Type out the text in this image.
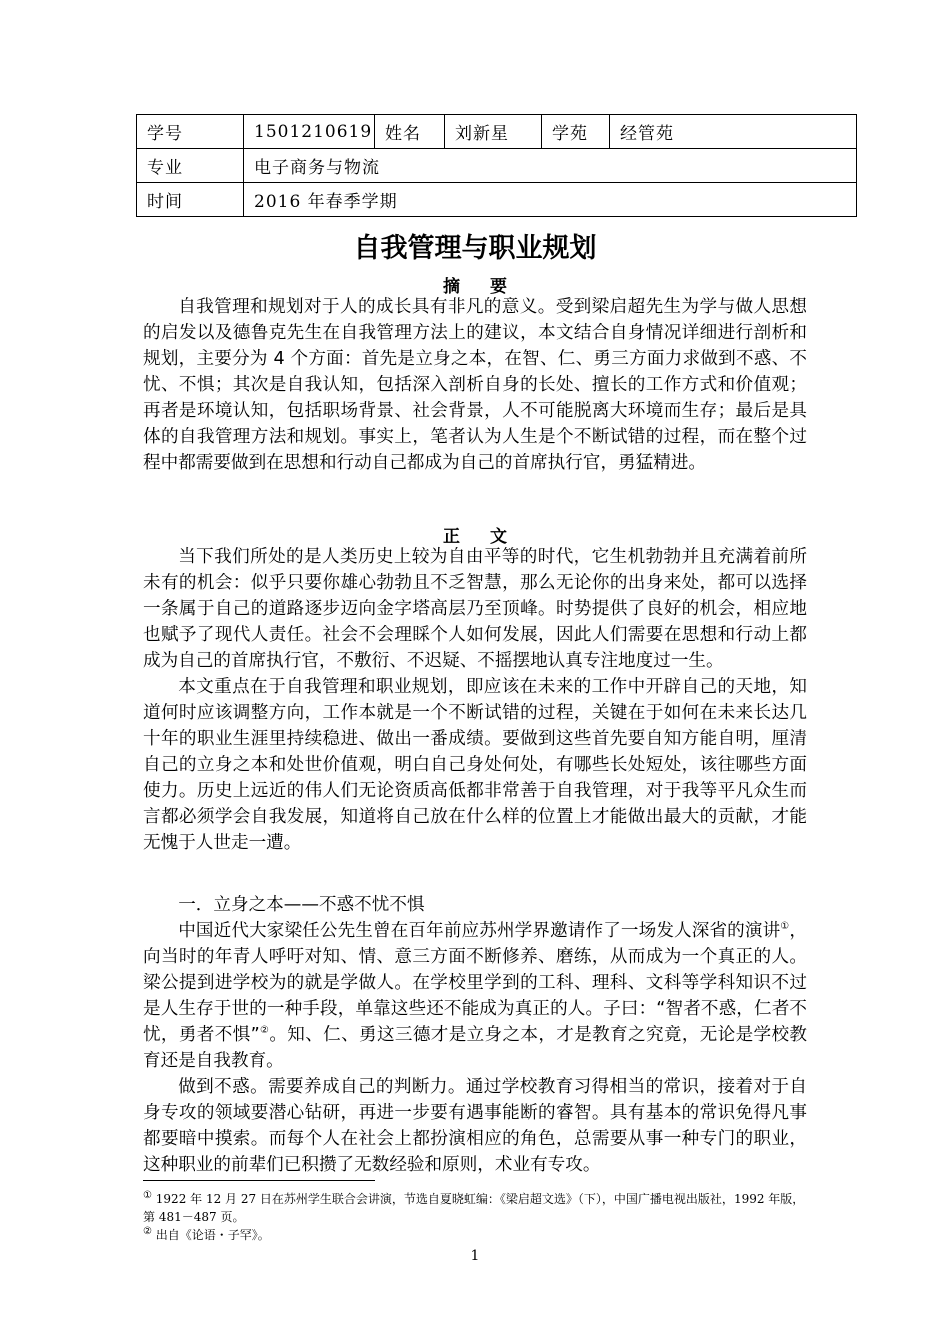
学号	1501210619	姓名	刘新星	学苑	经管苑
专业	电子商务与物流				
时间	2016 年春季学期				
自我管理与职业规划
摘要

自我管理和规划对于人的成长具有非凡的意义。受到梁启超先生为学与做人思想的启发以及德鲁克先生在自我管理方法上的建议，本文结合自身情况详细进行剖析和规划，主要分为 4 个方面：首先是立身之本，在智、仁、勇三方面力求做到不惑、不忧、不惧；其次是自我认知，包括深入剖析自身的长处、擅长的工作方式和价值观；再者是环境认知，包括职场背景、社会背景，人不可能脱离大环境而生存；最后是具体的自我管理方法和规划。事实上，笔者认为人生是个不断试错的过程，而在整个过程中都需要做到在思想和行动自己都成为自己的首席执行官，勇猛精进。

正文

当下我们所处的是人类历史上较为自由平等的时代，它生机勃勃并且充满着前所未有的机会：似乎只要你雄心勃勃且不乏智慧，那么无论你的出身来处，都可以选择一条属于自己的道路逐步迈向金字塔高层乃至顶峰。时势提供了良好的机会，相应地也赋予了现代人责任。社会不会理睬个人如何发展，因此人们需要在思想和行动上都成为自己的首席执行官，不敷衍、不迟疑、不摇摆地认真专注地度过一生。

本文重点在于自我管理和职业规划，即应该在未来的工作中开辟自己的天地，知道何时应该调整方向，工作本就是一个不断试错的过程，关键在于如何在未来长达几十年的职业生涯里持续稳进、做出一番成绩。要做到这些首先要自知方能自明，厘清自己的立身之本和处世价值观，明白自己身处何处，有哪些长处短处，该往哪些方面使力。历史上远近的伟人们无论资质高低都非常善于自我管理，对于我等平凡众生而言都必须学会自我发展，知道将自己放在什么样的位置上才能做出最大的贡献，才能无愧于人世走一遭。

一．立身之本——不惑不忧不惧

中国近代大家梁任公先生曾在百年前应苏州学界邀请作了一场发人深省的演讲①，向当时的年青人呼吁对知、情、意三方面不断修养、磨练，从而成为一个真正的人。梁公提到进学校为的就是学做人。在学校里学到的工科、理科、文科等学科知识不过是人生存于世的一种手段，单靠这些还不能成为真正的人。子曰：“智者不惑，仁者不忧，勇者不惧”②。知、仁、勇这三德才是立身之本，才是教育之究竟，无论是学校教育还是自我教育。

做到不惑。需要养成自己的判断力。通过学校教育习得相当的常识，接着对于自身专攻的领域要潜心钻研，再进一步要有遇事能断的睿智。具有基本的常识免得凡事都要暗中摸索。而每个人在社会上都扮演相应的角色，总需要从事一种专门的职业，这种职业的前辈们已积攒了无数经验和原则，术业有专攻。

① 1922 年 12 月 27 日在苏州学生联合会讲演，节选自夏晓虹编：《梁启超文选》（下），中国广播电视出版社，1992 年版，第 481－487 页。
② 出自《论语・子罕》。
1
